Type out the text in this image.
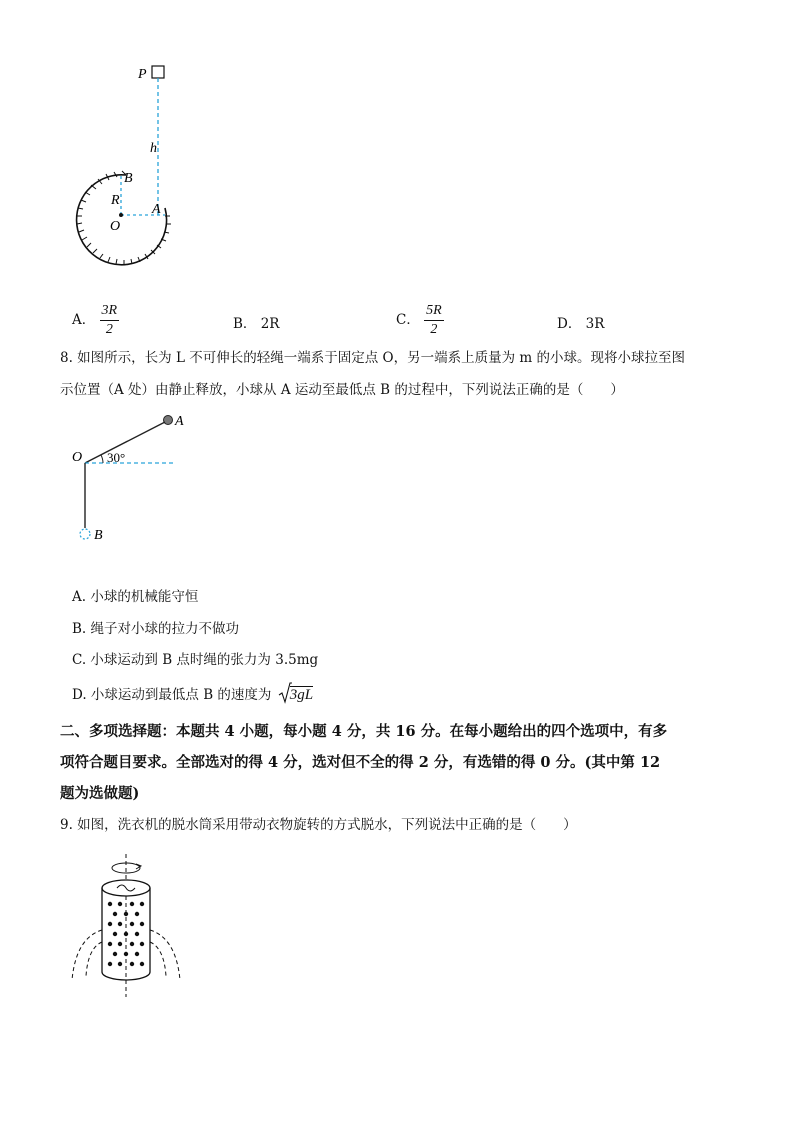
P
h
B
R
A
O
A． $\frac{3R}{2}$	B． 2R	C． $\frac{5R}{2}$	D． 3R
8. 如图所示，长为 L 不可伸长的轻绳一端系于固定点 O，另一端系上质量为 m 的小球。现将小球拉至图
示位置（A 处）由静止释放，小球从 A 运动至最低点 B 的过程中，下列说法正确的是（　　）
A
O 30°
B
A. 小球的机械能守恒
B. 绳子对小球的拉力不做功
C. 小球运动到 B 点时绳的张力为 3.5mg
D. 小球运动到最低点 B 的速度为 3gL
二、多项选择题：本题共 4 小题，每小题 4 分，共 16 分。在每小题给出的四个选项中，有多
项符合题目要求。全部选对的得 4 分，选对但不全的得 2 分，有选错的得 0 分。(其中第 12
题为选做题)
9. 如图，洗衣机的脱水筒采用带动衣物旋转的方式脱水，下列说法中正确的是（　　）
